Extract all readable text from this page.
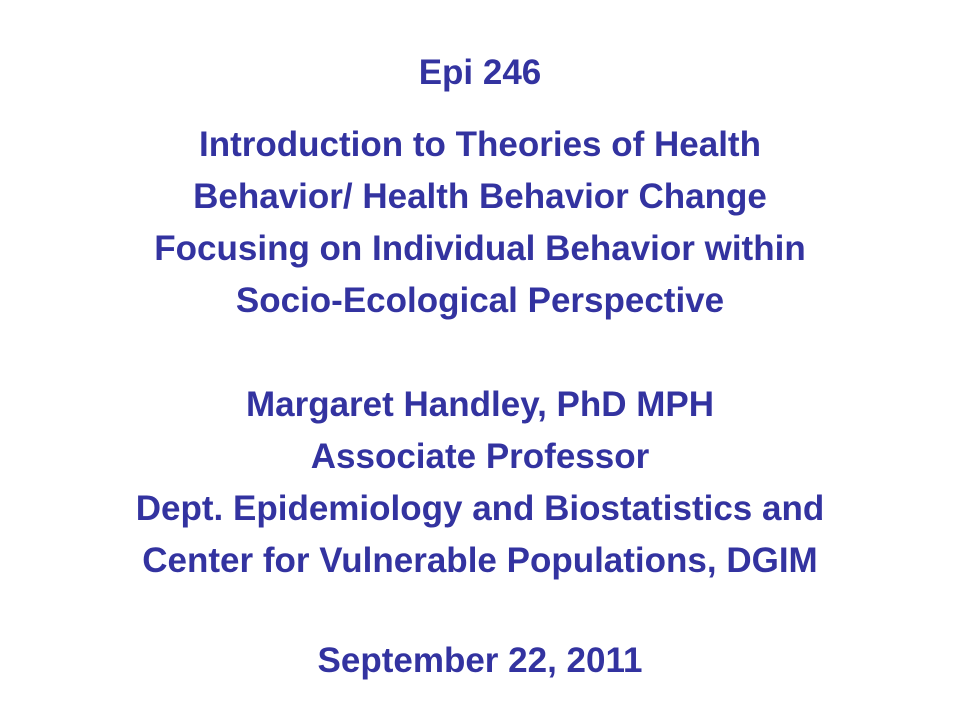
Epi 246
Introduction to Theories of Health
Behavior/ Health Behavior Change
Focusing on Individual Behavior within
Socio-Ecological Perspective
Margaret Handley, PhD MPH
Associate Professor
Dept. Epidemiology and Biostatistics and
Center for Vulnerable Populations, DGIM
September 22, 2011
